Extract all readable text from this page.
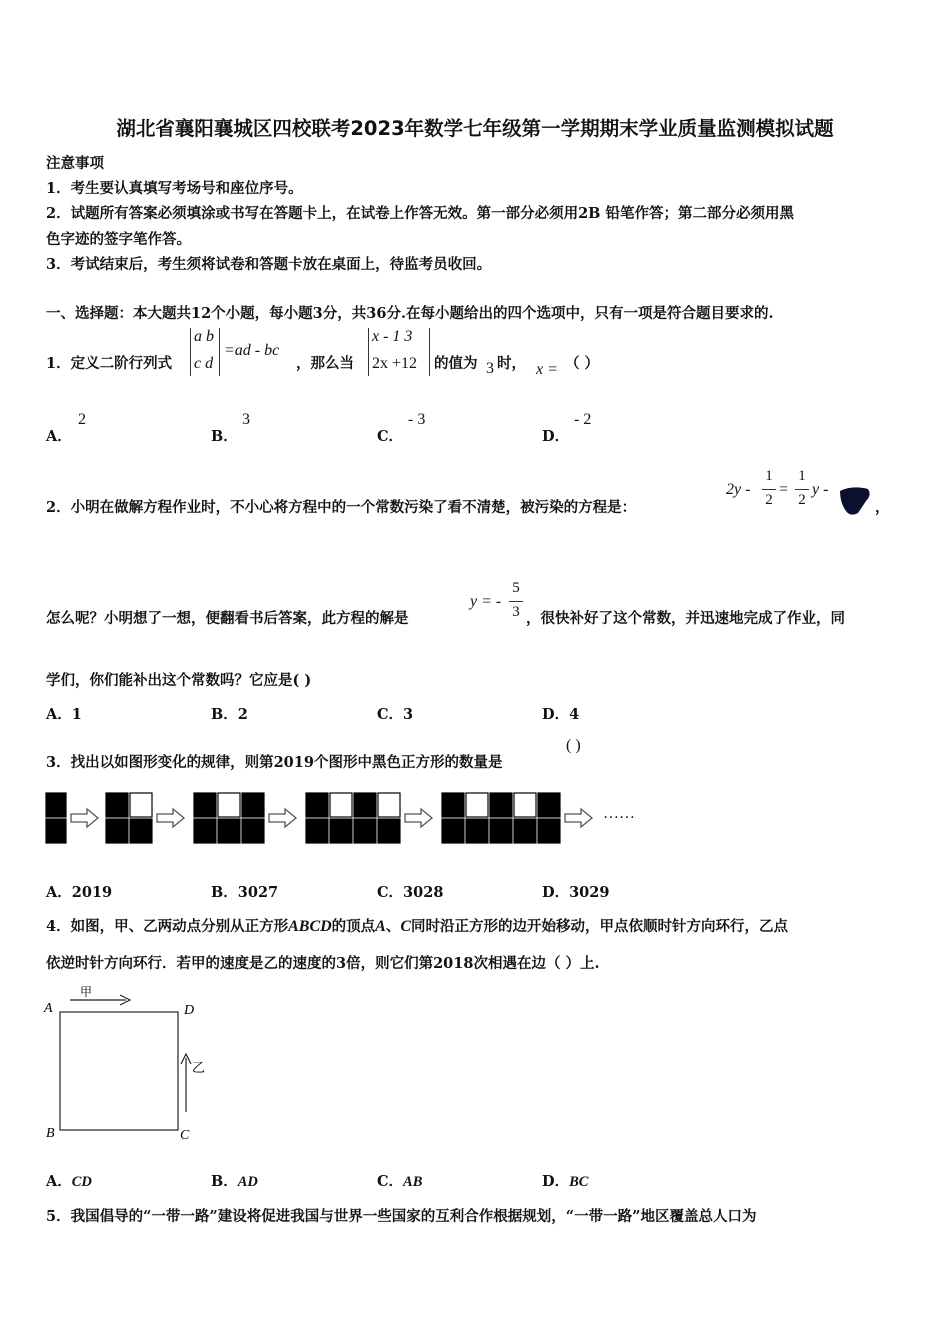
湖北省襄阳襄城区四校联考2023年数学七年级第一学期期末学业质量监测模拟试题
注意事项
1．考生要认真填写考场号和座位序号。
2．试题所有答案必须填涂或书写在答题卡上，在试卷上作答无效。第一部分必须用2B 铅笔作答；第二部分必须用黑
色字迹的签字笔作答。
3．考试结束后，考生须将试卷和答题卡放在桌面上，待监考员收回。
一、选择题：本大题共12个小题，每小题3分，共36分.在每小题给出的四个选项中，只有一项是符合题目要求的.
1．定义二阶行列式
a b
c d
=ad - bc
，那么当
x - 1 3
2x +12 的值为 3 时， x = （ ）
A．
2
B．
3
C．
- 3
D．
- 2
2．小明在做解方程作业时，不小心将方程中的一个常数污染了看不清楚，被污染的方程是：
2y -
1
2
=
1
2
y -
，
怎么呢？小明想了一想，便翻看书后答案，此方程的解是
y = -
5
3 ，很快补好了这个常数，并迅速地完成了作业，同
学们，你们能补出这个常数吗？它应是( )
A．1	B．2	C．3	D．4
3．找出以如图形变化的规律，则第2019个图形中黑色正方形的数量是
( )
……
A．2019	B．3027	C．3028	D．3029
4．如图，甲、乙两动点分别从正方形ABCD的顶点A、C同时沿正方形的边开始移动，甲点依顺时针方向环行，乙点
依逆时针方向环行．若甲的速度是乙的速度的3倍，则它们第2018次相遇在边（ ）上.
甲
乙
A	D
B	C
A．CD	B．AD	C．AB	D．BC
5．我国倡导的“一带一路”建设将促进我国与世界一些国家的互利合作根据规划，“一带一路”地区覆盖总人口为
